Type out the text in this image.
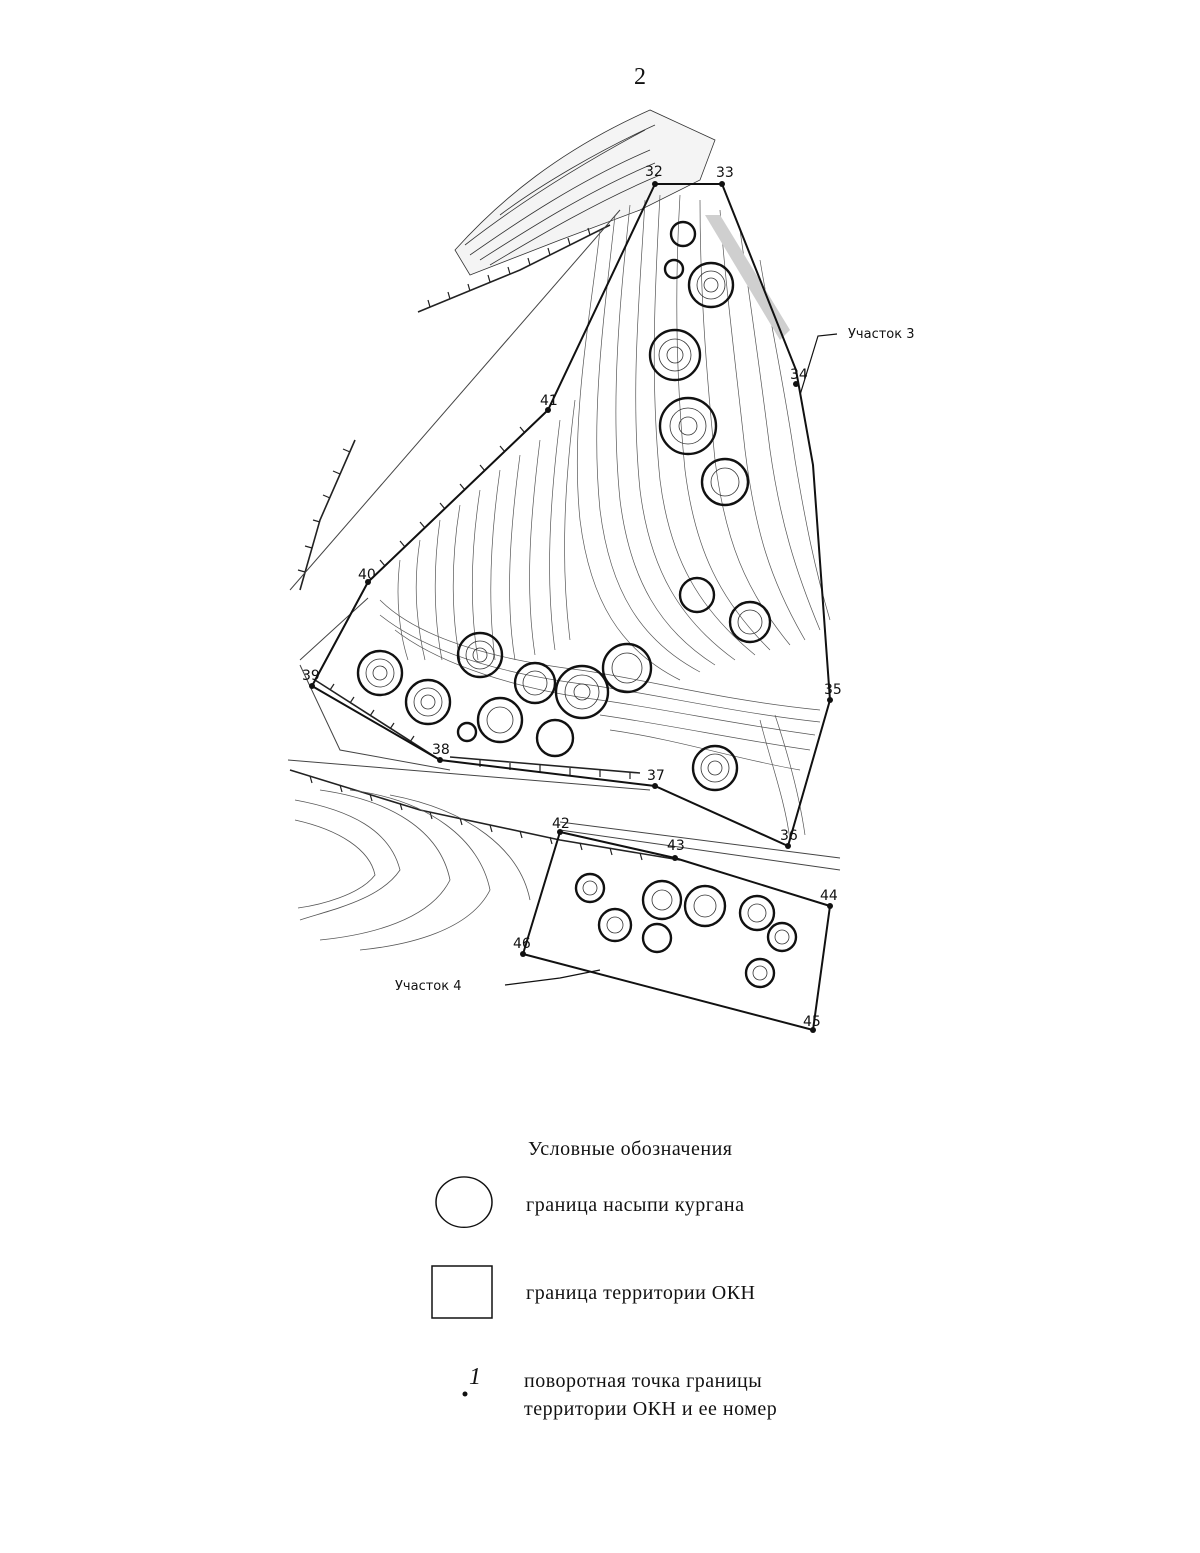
2
32	33
34
35
36
37
38
39
40
41
42
43
44
45
46
Участок 3
Участок 4
Условные обозначения
граница насыпи кургана
граница территории ОКН
1 поворотная точка границы
территории ОКН и ее номер
